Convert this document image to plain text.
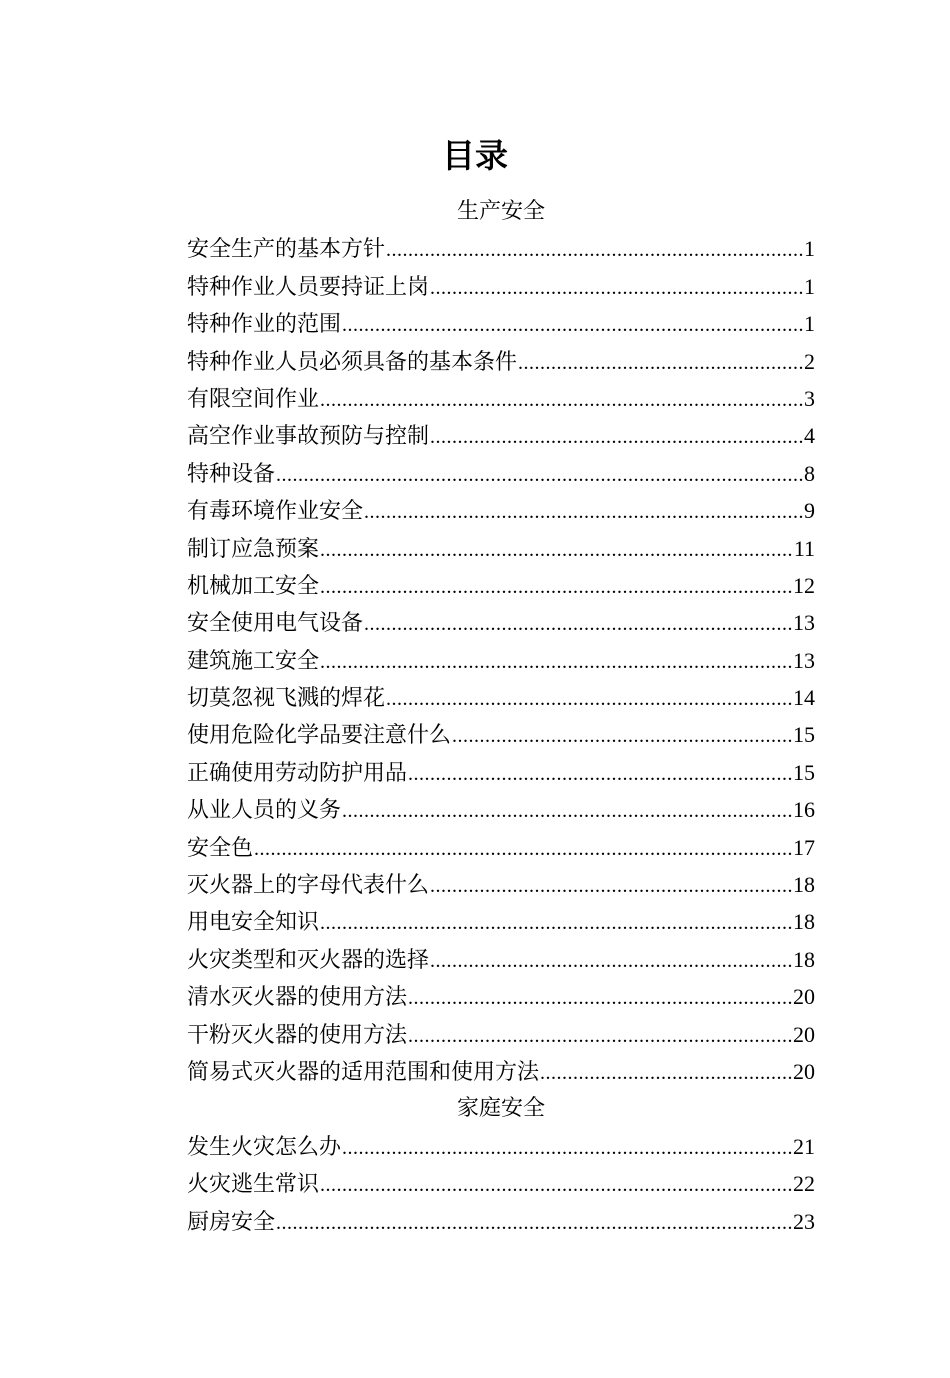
目录
生产安全
安全生产的基本方针 .....	1
特种作业人员要持证上岗 .....	1
特种作业的范围 .....	1
特种作业人员必须具备的基本条件 .....	2
有限空间作业 .....	3
高空作业事故预防与控制 .....	4
特种设备 .....	8
有毒环境作业安全 .....	9
制订应急预案 .....	11
机械加工安全 .....	12
安全使用电气设备 .....	13
建筑施工安全 .....	13
切莫忽视飞溅的焊花 .....	14
使用危险化学品要注意什么 .....	15
正确使用劳动防护用品 .....	15
从业人员的义务 .....	16
安全色 .....	17
灭火器上的字母代表什么 .....	18
用电安全知识 .....	18
火灾类型和灭火器的选择 .....	18
清水灭火器的使用方法 .....	20
干粉灭火器的使用方法 .....	20
简易式灭火器的适用范围和使用方法 .....	20
家庭安全
发生火灾怎么办 .....	21
火灾逃生常识 .....	22
厨房安全 .....	23
